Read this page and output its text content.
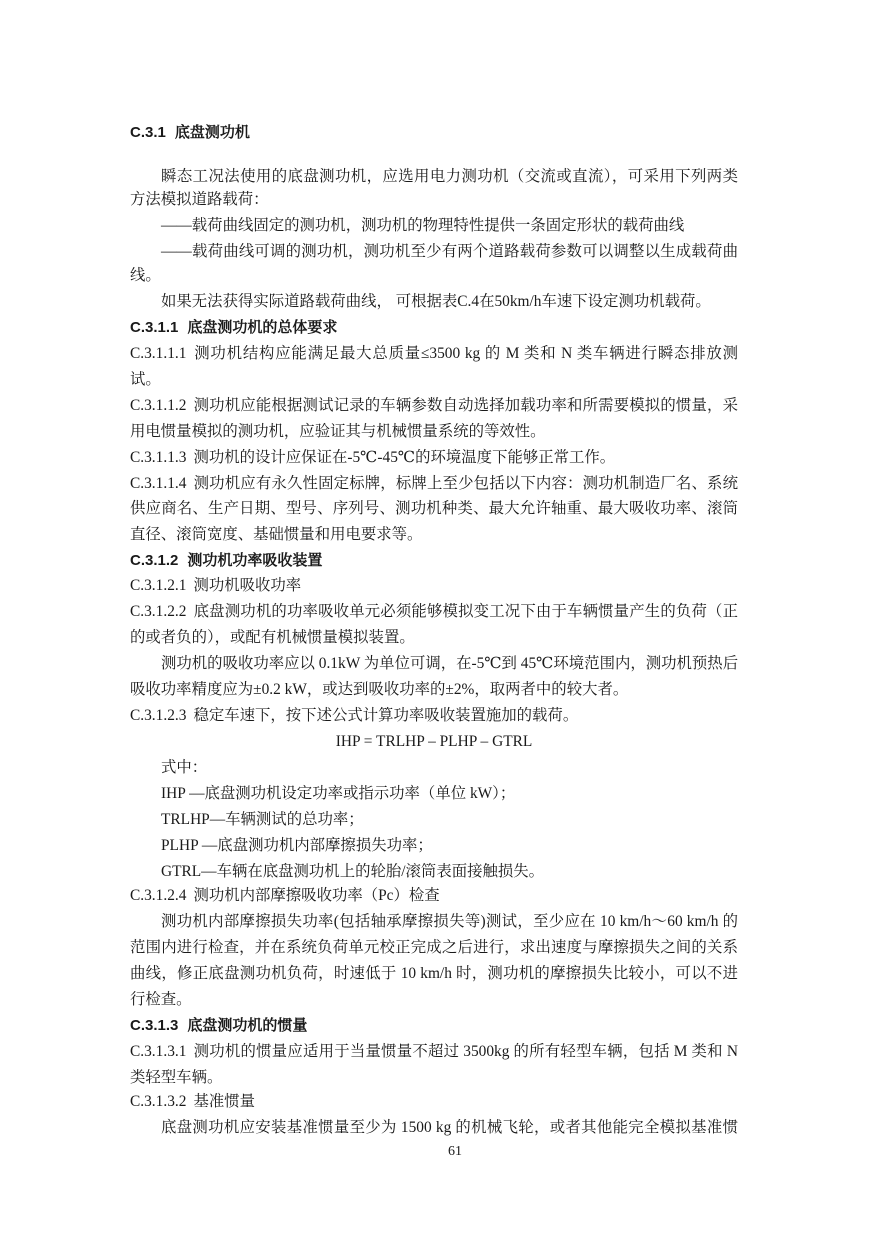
C.3.1 底盘测功机
瞬态工况法使用的底盘测功机，应选用电力测功机（交流或直流），可采用下列两类
方法模拟道路载荷：
——载荷曲线固定的测功机，测功机的物理特性提供一条固定形状的载荷曲线
——载荷曲线可调的测功机，测功机至少有两个道路载荷参数可以调整以生成载荷曲
线。
如果无法获得实际道路载荷曲线， 可根据表C.4在50km/h车速下设定测功机载荷。
C.3.1.1 底盘测功机的总体要求
C.3.1.1.1 测功机结构应能满足最大总质量≤3500 kg 的 M 类和 N 类车辆进行瞬态排放测
试。
C.3.1.1.2 测功机应能根据测试记录的车辆参数自动选择加载功率和所需要模拟的惯量，采
用电惯量模拟的测功机，应验证其与机械惯量系统的等效性。
C.3.1.1.3 测功机的设计应保证在-5℃-45℃的环境温度下能够正常工作。
C.3.1.1.4 测功机应有永久性固定标牌，标牌上至少包括以下内容：测功机制造厂名、系统
供应商名、生产日期、型号、序列号、测功机种类、最大允许轴重、最大吸收功率、滚筒
直径、滚筒宽度、基础惯量和用电要求等。
C.3.1.2 测功机功率吸收装置
C.3.1.2.1 测功机吸收功率
C.3.1.2.2 底盘测功机的功率吸收单元必须能够模拟变工况下由于车辆惯量产生的负荷（正
的或者负的），或配有机械惯量模拟装置。
测功机的吸收功率应以 0.1kW 为单位可调，在-5℃到 45℃环境范围内，测功机预热后
吸收功率精度应为±0.2 kW，或达到吸收功率的±2%，取两者中的较大者。
C.3.1.2.3 稳定车速下，按下述公式计算功率吸收装置施加的载荷。
IHP = TRLHP – PLHP – GTRL
式中：
IHP —底盘测功机设定功率或指示功率（单位 kW）；
TRLHP—车辆测试的总功率；
PLHP —底盘测功机内部摩擦损失功率；
GTRL—车辆在底盘测功机上的轮胎/滚筒表面接触损失。
C.3.1.2.4 测功机内部摩擦吸收功率（Pc）检查
测功机内部摩擦损失功率(包括轴承摩擦损失等)测试，至少应在 10 km/h～60 km/h 的
范围内进行检查，并在系统负荷单元校正完成之后进行，求出速度与摩擦损失之间的关系
曲线，修正底盘测功机负荷，时速低于 10 km/h 时，测功机的摩擦损失比较小，可以不进
行检查。
C.3.1.3 底盘测功机的惯量
C.3.1.3.1 测功机的惯量应适用于当量惯量不超过 3500kg 的所有轻型车辆，包括 M 类和 N
类轻型车辆。
C.3.1.3.2 基准惯量
底盘测功机应安装基准惯量至少为 1500 kg 的机械飞轮，或者其他能完全模拟基准惯
61
